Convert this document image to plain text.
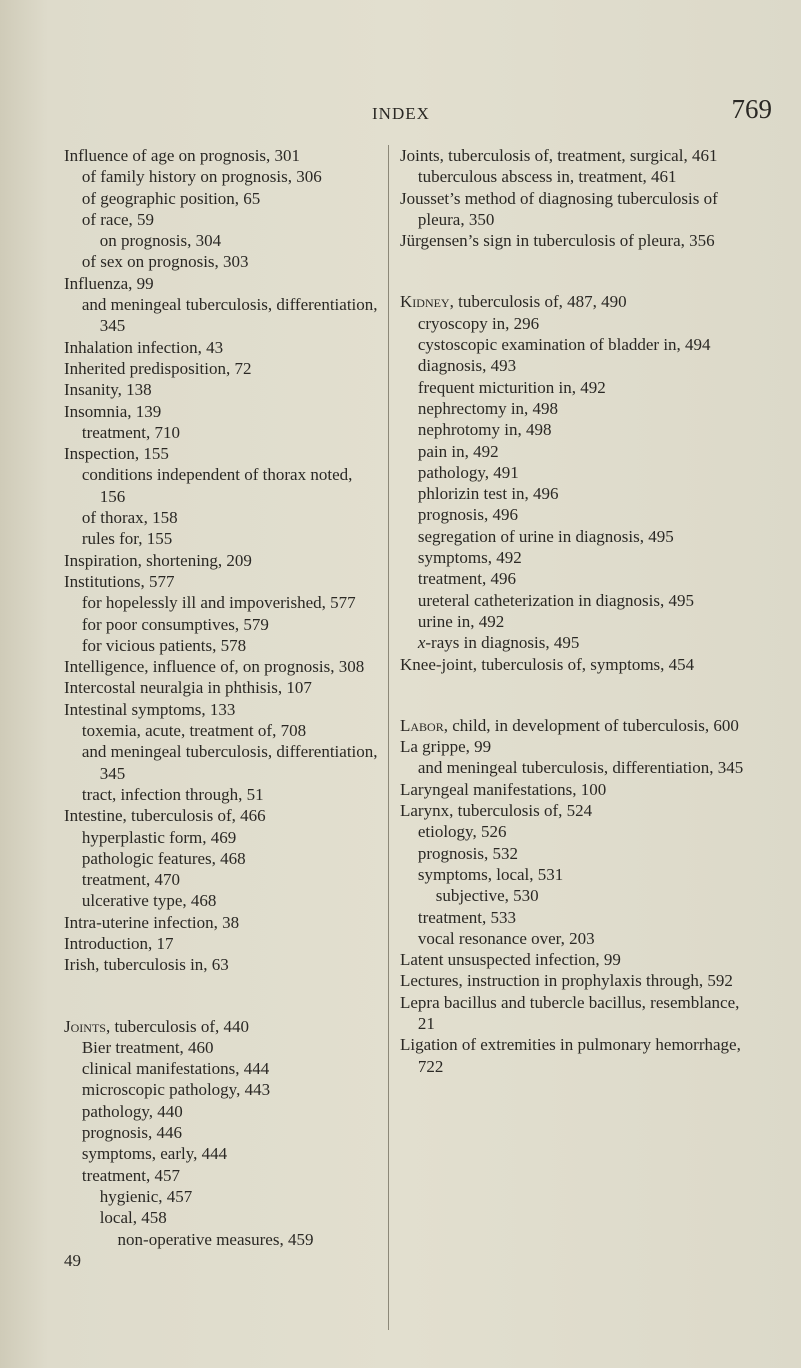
INDEX	769

Influence of age on prognosis, 301

of family history on prognosis, 306

of geographic position, 65

of race, 59

on prognosis, 304

of sex on prognosis, 303

Influenza, 99

and meningeal tuberculosis, differentiation, 345

Inhalation infection, 43

Inherited predisposition, 72

Insanity, 138

Insomnia, 139

treatment, 710

Inspection, 155

conditions independent of thorax noted, 156

of thorax, 158

rules for, 155

Inspiration, shortening, 209

Institutions, 577

for hopelessly ill and impoverished, 577

for poor consumptives, 579

for vicious patients, 578

Intelligence, influence of, on prognosis, 308

Intercostal neuralgia in phthisis, 107

Intestinal symptoms, 133

toxemia, acute, treatment of, 708

and meningeal tuberculosis, differentiation, 345

tract, infection through, 51

Intestine, tuberculosis of, 466

hyperplastic form, 469

pathologic features, 468

treatment, 470

ulcerative type, 468

Intra-uterine infection, 38

Introduction, 17

Irish, tuberculosis in, 63

Joints, tuberculosis of, 440

Bier treatment, 460

clinical manifestations, 444

microscopic pathology, 443

pathology, 440

prognosis, 446

symptoms, early, 444

treatment, 457

hygienic, 457

local, 458

non-operative measures, 459

49

Joints, tuberculosis of, treatment, surgical, 461

tuberculous abscess in, treatment, 461

Jousset’s method of diagnosing tuberculosis of pleura, 350

Jürgensen’s sign in tuberculosis of pleura, 356

Kidney, tuberculosis of, 487, 490

cryoscopy in, 296

cystoscopic examination of bladder in, 494

diagnosis, 493

frequent micturition in, 492

nephrectomy in, 498

nephrotomy in, 498

pain in, 492

pathology, 491

phlorizin test in, 496

prognosis, 496

segregation of urine in diagnosis, 495

symptoms, 492

treatment, 496

ureteral catheterization in diagnosis, 495

urine in, 492

x-rays in diagnosis, 495

Knee-joint, tuberculosis of, symptoms, 454

Labor, child, in development of tuberculosis, 600

La grippe, 99

and meningeal tuberculosis, differentiation, 345

Laryngeal manifestations, 100

Larynx, tuberculosis of, 524

etiology, 526

prognosis, 532

symptoms, local, 531

subjective, 530

treatment, 533

vocal resonance over, 203

Latent unsuspected infection, 99

Lectures, instruction in prophylaxis through, 592

Lepra bacillus and tubercle bacillus, resemblance, 21

Ligation of extremities in pulmonary hemorrhage, 722
